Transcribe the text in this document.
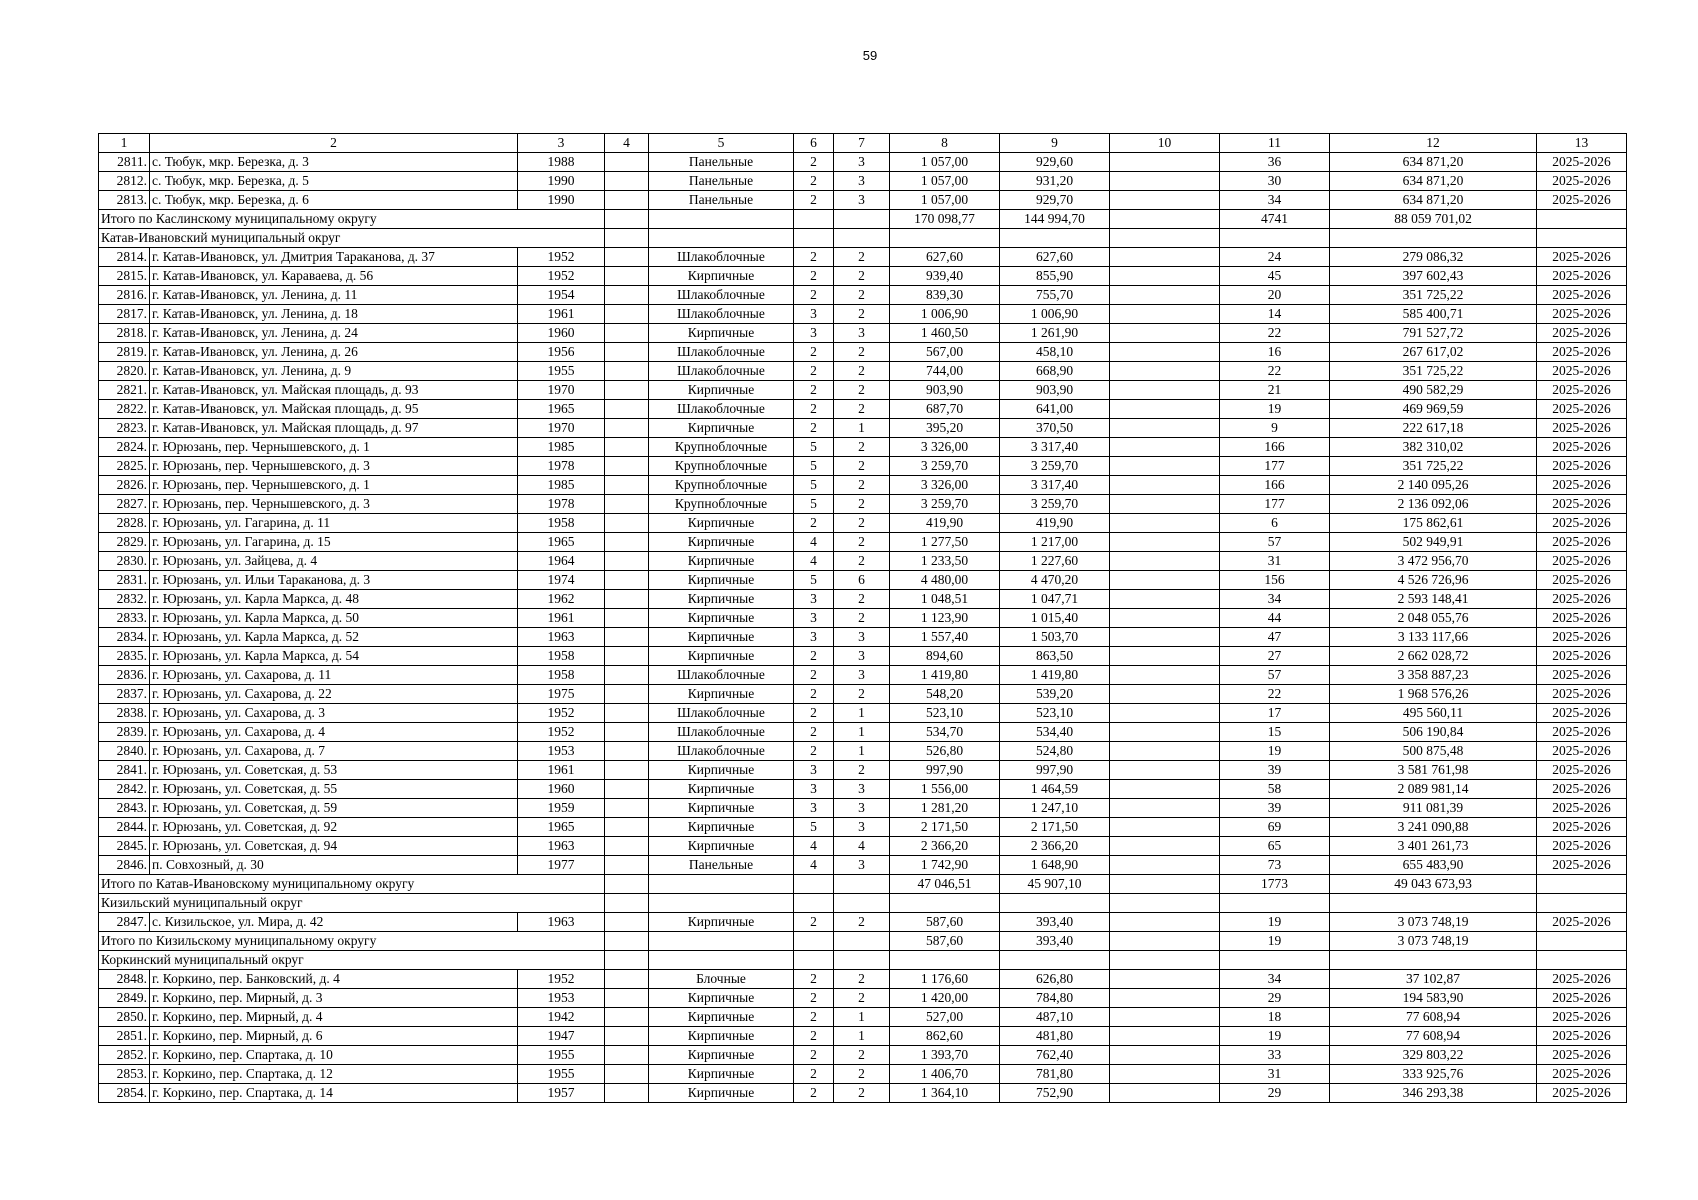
59
1	2	3	4	5	6	7	8	9	10	11	12	13
2811.	с. Тюбук, мкр. Березка, д. 3	1988		Панельные	2	3	1 057,00	929,60		36	634 871,20	2025-2026
2812.	с. Тюбук, мкр. Березка, д. 5	1990		Панельные	2	3	1 057,00	931,20		30	634 871,20	2025-2026
2813.	с. Тюбук, мкр. Березка, д. 6	1990		Панельные	2	3	1 057,00	929,70		34	634 871,20	2025-2026
Итого по Каслинскому муниципальному округу							170 098,77	144 994,70		4741	88 059 701,02	
Катав-Ивановский муниципальный округ												
2814.	г. Катав-Ивановск, ул. Дмитрия Тараканова, д. 37	1952		Шлакоблочные	2	2	627,60	627,60		24	279 086,32	2025-2026
2815.	г. Катав-Ивановск, ул. Караваева, д. 56	1952		Кирпичные	2	2	939,40	855,90		45	397 602,43	2025-2026
2816.	г. Катав-Ивановск, ул. Ленина, д. 11	1954		Шлакоблочные	2	2	839,30	755,70		20	351 725,22	2025-2026
2817.	г. Катав-Ивановск, ул. Ленина, д. 18	1961		Шлакоблочные	3	2	1 006,90	1 006,90		14	585 400,71	2025-2026
2818.	г. Катав-Ивановск, ул. Ленина, д. 24	1960		Кирпичные	3	3	1 460,50	1 261,90		22	791 527,72	2025-2026
2819.	г. Катав-Ивановск, ул. Ленина, д. 26	1956		Шлакоблочные	2	2	567,00	458,10		16	267 617,02	2025-2026
2820.	г. Катав-Ивановск, ул. Ленина, д. 9	1955		Шлакоблочные	2	2	744,00	668,90		22	351 725,22	2025-2026
2821.	г. Катав-Ивановск, ул. Майская площадь, д. 93	1970		Кирпичные	2	2	903,90	903,90		21	490 582,29	2025-2026
2822.	г. Катав-Ивановск, ул. Майская площадь, д. 95	1965		Шлакоблочные	2	2	687,70	641,00		19	469 969,59	2025-2026
2823.	г. Катав-Ивановск, ул. Майская площадь, д. 97	1970		Кирпичные	2	1	395,20	370,50		9	222 617,18	2025-2026
2824.	г. Юрюзань, пер. Чернышевского, д. 1	1985		Крупноблочные	5	2	3 326,00	3 317,40		166	382 310,02	2025-2026
2825.	г. Юрюзань, пер. Чернышевского, д. 3	1978		Крупноблочные	5	2	3 259,70	3 259,70		177	351 725,22	2025-2026
2826.	г. Юрюзань, пер. Чернышевского, д. 1	1985		Крупноблочные	5	2	3 326,00	3 317,40		166	2 140 095,26	2025-2026
2827.	г. Юрюзань, пер. Чернышевского, д. 3	1978		Крупноблочные	5	2	3 259,70	3 259,70		177	2 136 092,06	2025-2026
2828.	г. Юрюзань, ул. Гагарина, д. 11	1958		Кирпичные	2	2	419,90	419,90		6	175 862,61	2025-2026
2829.	г. Юрюзань, ул. Гагарина, д. 15	1965		Кирпичные	4	2	1 277,50	1 217,00		57	502 949,91	2025-2026
2830.	г. Юрюзань, ул. Зайцева, д. 4	1964		Кирпичные	4	2	1 233,50	1 227,60		31	3 472 956,70	2025-2026
2831.	г. Юрюзань, ул. Ильи Тараканова, д. 3	1974		Кирпичные	5	6	4 480,00	4 470,20		156	4 526 726,96	2025-2026
2832.	г. Юрюзань, ул. Карла Маркса, д. 48	1962		Кирпичные	3	2	1 048,51	1 047,71		34	2 593 148,41	2025-2026
2833.	г. Юрюзань, ул. Карла Маркса, д. 50	1961		Кирпичные	3	2	1 123,90	1 015,40		44	2 048 055,76	2025-2026
2834.	г. Юрюзань, ул. Карла Маркса, д. 52	1963		Кирпичные	3	3	1 557,40	1 503,70		47	3 133 117,66	2025-2026
2835.	г. Юрюзань, ул. Карла Маркса, д. 54	1958		Кирпичные	2	3	894,60	863,50		27	2 662 028,72	2025-2026
2836.	г. Юрюзань, ул. Сахарова, д. 11	1958		Шлакоблочные	2	3	1 419,80	1 419,80		57	3 358 887,23	2025-2026
2837.	г. Юрюзань, ул. Сахарова, д. 22	1975		Кирпичные	2	2	548,20	539,20		22	1 968 576,26	2025-2026
2838.	г. Юрюзань, ул. Сахарова, д. 3	1952		Шлакоблочные	2	1	523,10	523,10		17	495 560,11	2025-2026
2839.	г. Юрюзань, ул. Сахарова, д. 4	1952		Шлакоблочные	2	1	534,70	534,40		15	506 190,84	2025-2026
2840.	г. Юрюзань, ул. Сахарова, д. 7	1953		Шлакоблочные	2	1	526,80	524,80		19	500 875,48	2025-2026
2841.	г. Юрюзань, ул. Советская, д. 53	1961		Кирпичные	3	2	997,90	997,90		39	3 581 761,98	2025-2026
2842.	г. Юрюзань, ул. Советская, д. 55	1960		Кирпичные	3	3	1 556,00	1 464,59		58	2 089 981,14	2025-2026
2843.	г. Юрюзань, ул. Советская, д. 59	1959		Кирпичные	3	3	1 281,20	1 247,10		39	911 081,39	2025-2026
2844.	г. Юрюзань, ул. Советская, д. 92	1965		Кирпичные	5	3	2 171,50	2 171,50		69	3 241 090,88	2025-2026
2845.	г. Юрюзань, ул. Советская, д. 94	1963		Кирпичные	4	4	2 366,20	2 366,20		65	3 401 261,73	2025-2026
2846.	п. Совхозный, д. 30	1977		Панельные	4	3	1 742,90	1 648,90		73	655 483,90	2025-2026
Итого по Катав-Ивановскому муниципальному округу							47 046,51	45 907,10		1773	49 043 673,93	
Кизильский муниципальный округ												
2847.	с. Кизильское, ул. Мира, д. 42	1963		Кирпичные	2	2	587,60	393,40		19	3 073 748,19	2025-2026
Итого по Кизильскому муниципальному округу							587,60	393,40		19	3 073 748,19	
Коркинский муниципальный округ												
2848.	г. Коркино, пер. Банковский, д. 4	1952		Блочные	2	2	1 176,60	626,80		34	37 102,87	2025-2026
2849.	г. Коркино, пер. Мирный, д. 3	1953		Кирпичные	2	2	1 420,00	784,80		29	194 583,90	2025-2026
2850.	г. Коркино, пер. Мирный, д. 4	1942		Кирпичные	2	1	527,00	487,10		18	77 608,94	2025-2026
2851.	г. Коркино, пер. Мирный, д. 6	1947		Кирпичные	2	1	862,60	481,80		19	77 608,94	2025-2026
2852.	г. Коркино, пер. Спартака, д. 10	1955		Кирпичные	2	2	1 393,70	762,40		33	329 803,22	2025-2026
2853.	г. Коркино, пер. Спартака, д. 12	1955		Кирпичные	2	2	1 406,70	781,80		31	333 925,76	2025-2026
2854.	г. Коркино, пер. Спартака, д. 14	1957		Кирпичные	2	2	1 364,10	752,90		29	346 293,38	2025-2026
